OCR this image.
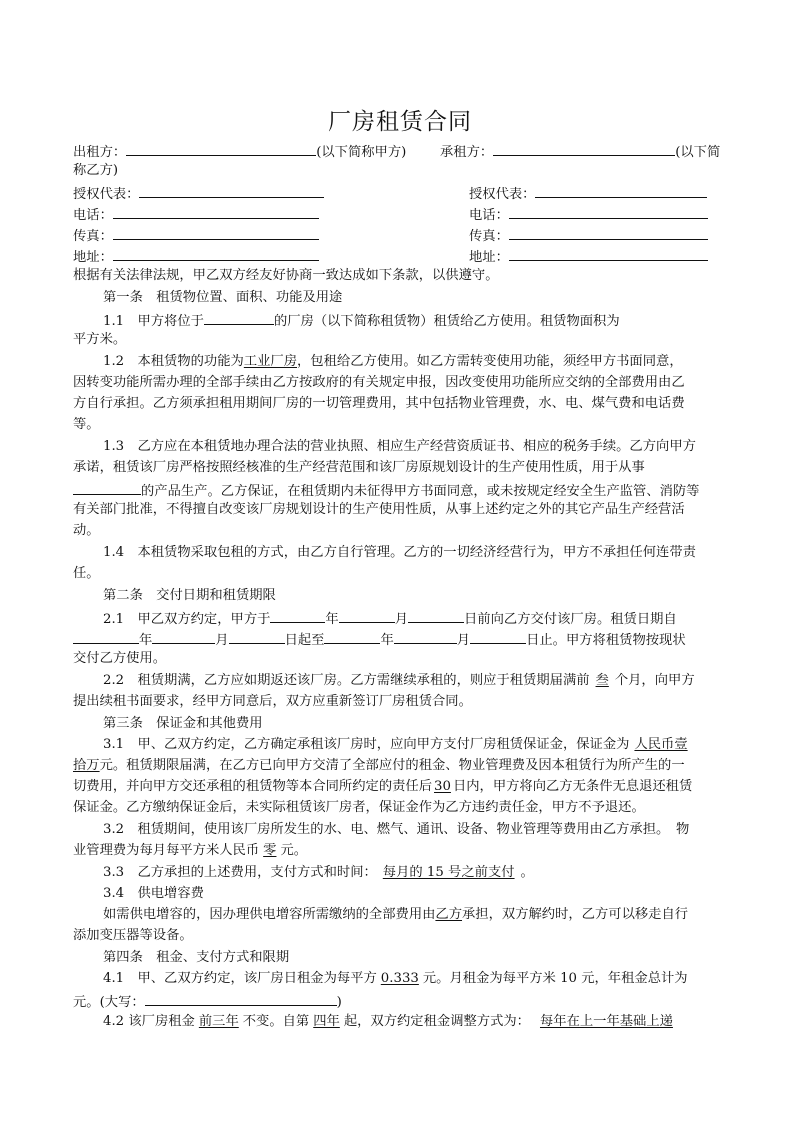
厂房租赁合同
出租方：	(以下简称甲方)	承租方：	(以下简
称乙方)
授权代表：	授权代表：
电话：	电话：
传真：	传真：
地址：	地址：
根据有关法律法规，甲乙双方经友好协商一致达成如下条款，以供遵守。
第一条　租赁物位置、面积、功能及用途
1.1　甲方将位于	的厂房（以下简称租赁物）租赁给乙方使用。租赁物面积为
平方米。
1.2　本租赁物的功能为工业厂房，包租给乙方使用。如乙方需转变使用功能，须经甲方书面同意，
因转变功能所需办理的全部手续由乙方按政府的有关规定申报，因改变使用功能所应交纳的全部费用由乙
方自行承担。乙方须承担租用期间厂房的一切管理费用，其中包括物业管理费，水、电、煤气费和电话费
等。
1.3　乙方应在本租赁地办理合法的营业执照、相应生产经营资质证书、相应的税务手续。乙方向甲方
承诺，租赁该厂房严格按照经核准的生产经营范围和该厂房原规划设计的生产使用性质，用于从事
的产品生产。乙方保证，在租赁期内未征得甲方书面同意，或未按规定经安全生产监管、消防等
有关部门批准，不得擅自改变该厂房规划设计的生产使用性质，从事上述约定之外的其它产品生产经营活
动。
1.4　本租赁物采取包租的方式，由乙方自行管理。乙方的一切经济经营行为，甲方不承担任何连带责
任。
第二条　交付日期和租赁期限
2.1　甲乙双方约定，甲方于	年	月	日前向乙方交付该厂房。租赁日期自
年	月	日起至	年	月	日止。甲方将租赁物按现状
交付乙方使用。
2.2　租赁期满，乙方应如期返还该厂房。乙方需继续承租的，则应于租赁期届满前 叁 个月，向甲方
提出续租书面要求，经甲方同意后，双方应重新签订厂房租赁合同。
第三条　保证金和其他费用
3.1　甲、乙双方约定，乙方确定承租该厂房时，应向甲方支付厂房租赁保证金，保证金为 人民币壹
拾万元。租赁期限届满，在乙方已向甲方交清了全部应付的租金、物业管理费及因本租赁行为所产生的一
切费用，并向甲方交还承租的租赁物等本合同所约定的责任后 30 日内，甲方将向乙方无条件无息退还租赁
保证金。乙方缴纳保证金后，未实际租赁该厂房者，保证金作为乙方违约责任金，甲方不予退还。
3.2　租赁期间，使用该厂房所发生的水、电、燃气、通讯、设备、物业管理等费用由乙方承担。　物
业管理费为每月每平方米人民币 零 元。
3.3　乙方承担的上述费用，支付方式和时间： 每月的 15 号之前支付 。
3.4　供电增容费
如需供电增容的，因办理供电增容所需缴纳的全部费用由乙方承担，双方解约时，乙方可以移走自行
添加变压器等设备。
第四条　租金、支付方式和限期
4.1　甲、乙双方约定，该厂房日租金为每平方 0.333 元。月租金为每平方米 10 元，年租金总计为
元。(大写：	)
4.2 该厂房租金 前三年 不变。自第 四年 起，双方约定租金调整方式为： 每年在上一年基础上递
